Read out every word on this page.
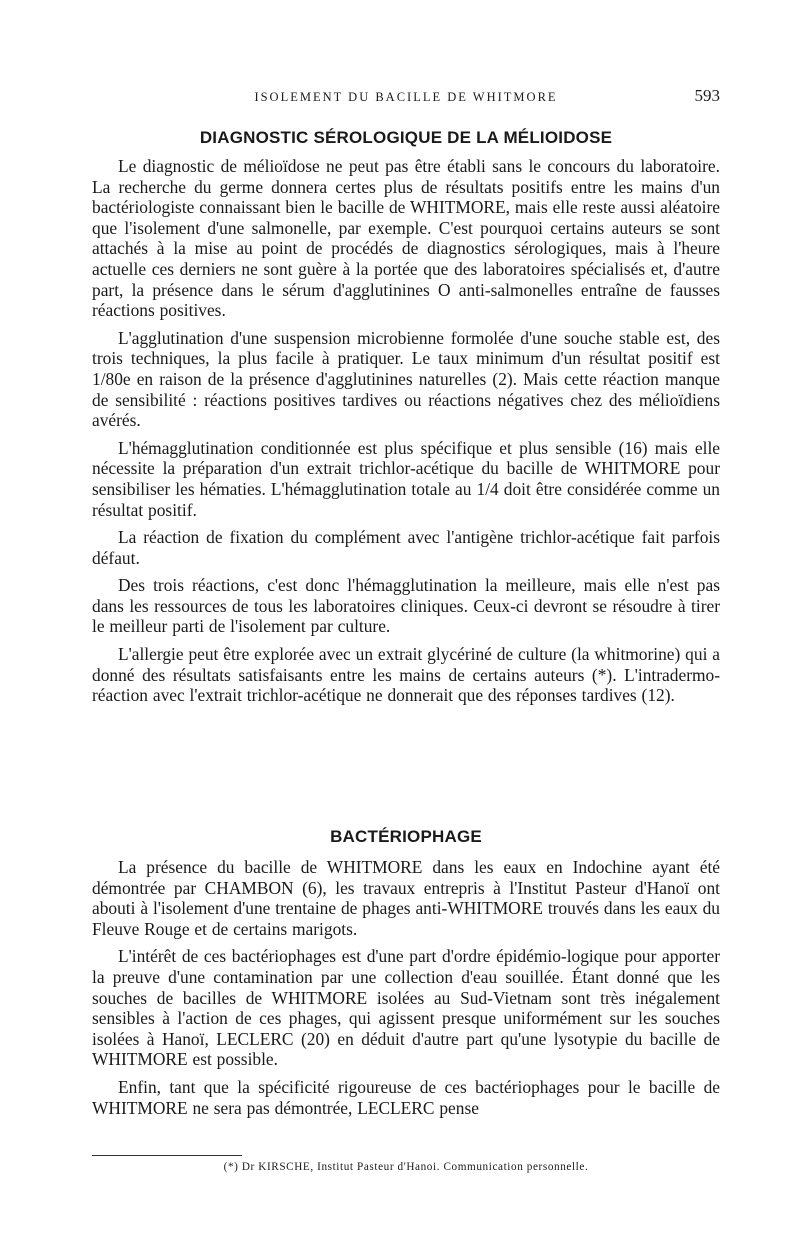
ISOLEMENT DU BACILLE DE WHITMORE	593
DIAGNOSTIC SÉROLOGIQUE DE LA MÉLIOIDOSE

Le diagnostic de mélioïdose ne peut pas être établi sans le concours du laboratoire. La recherche du germe donnera certes plus de résultats positifs entre les mains d'un bactériologiste connaissant bien le bacille de WHITMORE, mais elle reste aussi aléatoire que l'isolement d'une salmonelle, par exemple. C'est pourquoi certains auteurs se sont attachés à la mise au point de procédés de diagnostics sérologiques, mais à l'heure actuelle ces derniers ne sont guère à la portée que des laboratoires spécialisés et, d'autre part, la présence dans le sérum d'agglutinines O anti-salmonelles entraîne de fausses réactions positives.

L'agglutination d'une suspension microbienne formolée d'une souche stable est, des trois techniques, la plus facile à pratiquer. Le taux minimum d'un résultat positif est 1/80e en raison de la présence d'agglutinines naturelles (2). Mais cette réaction manque de sensibilité : réactions positives tardives ou réactions négatives chez des mélioïdiens avérés.

L'hémagglutination conditionnée est plus spécifique et plus sensible (16) mais elle nécessite la préparation d'un extrait trichlor-acétique du bacille de WHITMORE pour sensibiliser les hématies. L'hémagglutination totale au 1/4 doit être considérée comme un résultat positif.

La réaction de fixation du complément avec l'antigène trichlor-acétique fait parfois défaut.

Des trois réactions, c'est donc l'hémagglutination la meilleure, mais elle n'est pas dans les ressources de tous les laboratoires cliniques. Ceux-ci devront se résoudre à tirer le meilleur parti de l'isolement par culture.

L'allergie peut être explorée avec un extrait glycériné de culture (la whitmorine) qui a donné des résultats satisfaisants entre les mains de certains auteurs (*). L'intradermo-réaction avec l'extrait trichlor-acétique ne donnerait que des réponses tardives (12).

BACTÉRIOPHAGE

La présence du bacille de WHITMORE dans les eaux en Indochine ayant été démontrée par CHAMBON (6), les travaux entrepris à l'Institut Pasteur d'Hanoï ont abouti à l'isolement d'une trentaine de phages anti-WHITMORE trouvés dans les eaux du Fleuve Rouge et de certains marigots.

L'intérêt de ces bactériophages est d'une part d'ordre épidémio-logique pour apporter la preuve d'une contamination par une collection d'eau souillée. Étant donné que les souches de bacilles de WHITMORE isolées au Sud-Vietnam sont très inégalement sensibles à l'action de ces phages, qui agissent presque uniformément sur les souches isolées à Hanoï, LECLERC (20) en déduit d'autre part qu'une lysotypie du bacille de WHITMORE est possible.

Enfin, tant que la spécificité rigoureuse de ces bactériophages pour le bacille de WHITMORE ne sera pas démontrée, LECLERC pense

(*) Dr KIRSCHE, Institut Pasteur d'Hanoi. Communication personnelle.
